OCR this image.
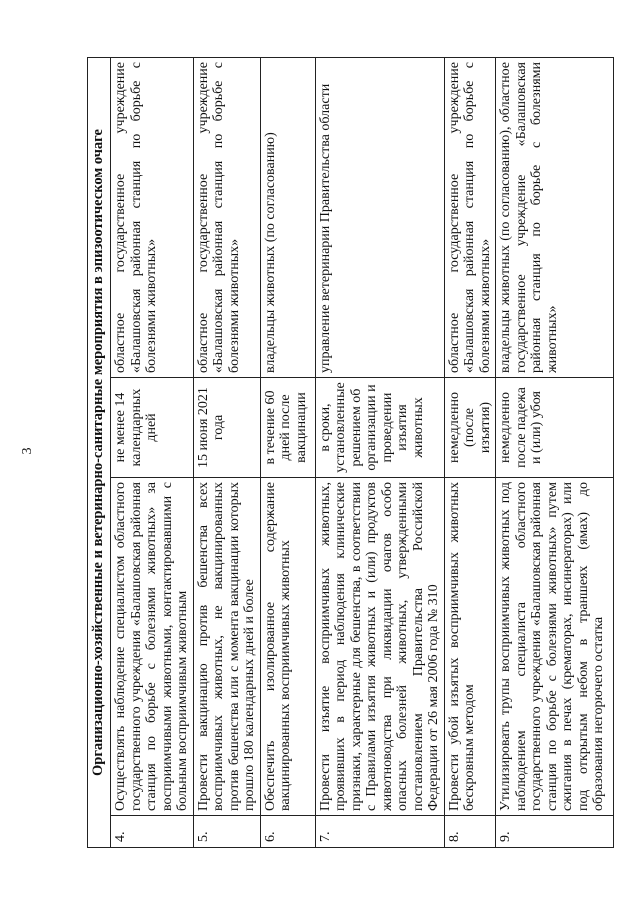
3	Организационно-хозяйственные и ветеринарно-санитарные мероприятия в эпизоотическом очаге			
4.	Осуществлять наблюдение специалистом областного государственного учреждения «Балашовская районная станция по борьбе с болезнями животных» за восприимчивыми животными, контактировавшими с больным восприимчивым животным	не менее 14 календарных дней	областное государственное учреждение «Балашовская районная станция по борьбе с болезнями животных»
5.	Провести вакцинацию против бешенства всех восприимчивых животных, не вакцинированных против бешенства или с момента вакцинации которых прошло 180 календарных дней и более	15 июня 2021 года	областное государственное учреждение «Балашовская районная станция по борьбе с болезнями животных»
6.	Обеспечить изолированное содержание вакцинированных восприимчивых животных	в течение 60 дней после вакцинации	владельцы животных (по согласованию)
7.	Провести изъятие восприимчивых животных, проявивших в период наблюдения клинические признаки, характерные для бешенства, в соответствии с Правилами изъятия животных и (или) продуктов животноводства при ликвидации очагов особо опасных болезней животных, утвержденными постановлением Правительства Российской Федерации от 26 мая 2006 года № 310	в сроки, установленные решением об организации и проведении изъятия животных	управление ветеринарии Правительства области
8.	Провести убой изъятых восприимчивых животных бескровным методом	немедленно (после изъятия)	областное государственное учреждение «Балашовская районная станция по борьбе с болезнями животных»
9.	Утилизировать трупы восприимчивых животных под наблюдением специалиста областного государственного учреждения «Балашовская районная станция по борьбе с болезнями животных» путем сжигания в печах (крематорах, инсинераторах) или под открытым небом в траншеях (ямах) до образования негорючего остатка	немедленно после падежа и (или) убоя	владельцы животных (по согласованию), областное государственное учреждение «Балашовская районная станция по борьбе с болезнями животных»
